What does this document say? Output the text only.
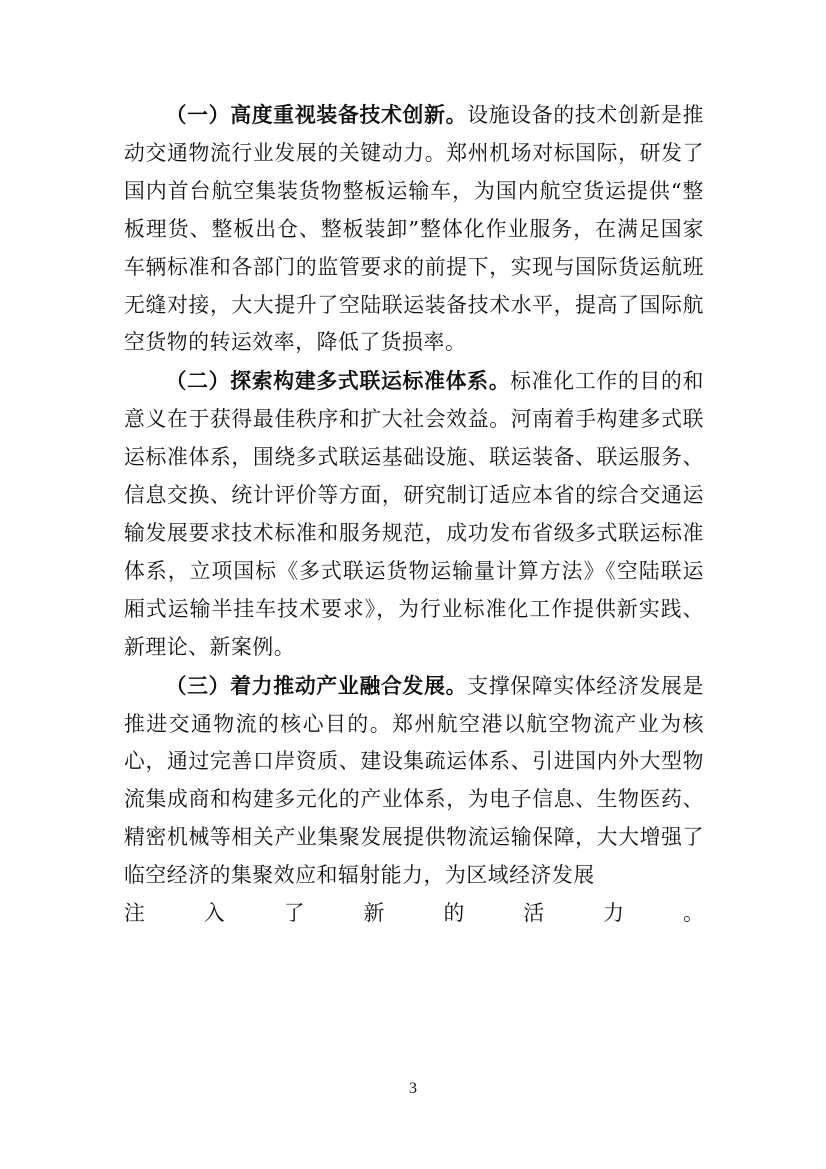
（一）高度重视装备技术创新。设施设备的技术创新是推动交通物流行业发展的关键动力。郑州机场对标国际，研发了国内首台航空集装货物整板运输车，为国内航空货运提供“整板理货、整板出仓、整板装卸”整体化作业服务，在满足国家车辆标准和各部门的监管要求的前提下，实现与国际货运航班无缝对接，大大提升了空陆联运装备技术水平，提高了国际航空货物的转运效率，降低了货损率。

（二）探索构建多式联运标准体系。标准化工作的目的和意义在于获得最佳秩序和扩大社会效益。河南着手构建多式联运标准体系，围绕多式联运基础设施、联运装备、联运服务、信息交换、统计评价等方面，研究制订适应本省的综合交通运输发展要求技术标准和服务规范，成功发布省级多式联运标准体系，立项国标《多式联运货物运输量计算方法》《空陆联运厢式运输半挂车技术要求》，为行业标准化工作提供新实践、新理论、新案例。

（三）着力推动产业融合发展。支撑保障实体经济发展是推进交通物流的核心目的。郑州航空港以航空物流产业为核心，通过完善口岸资质、建设集疏运体系、引进国内外大型物流集成商和构建多元化的产业体系，为电子信息、生物医药、精密机械等相关产业集聚发展提供物流运输保障，大大增强了临空经济的集聚效应和辐射能力，为区域经济发展

注	入	了	新	的	活	力	。
3
